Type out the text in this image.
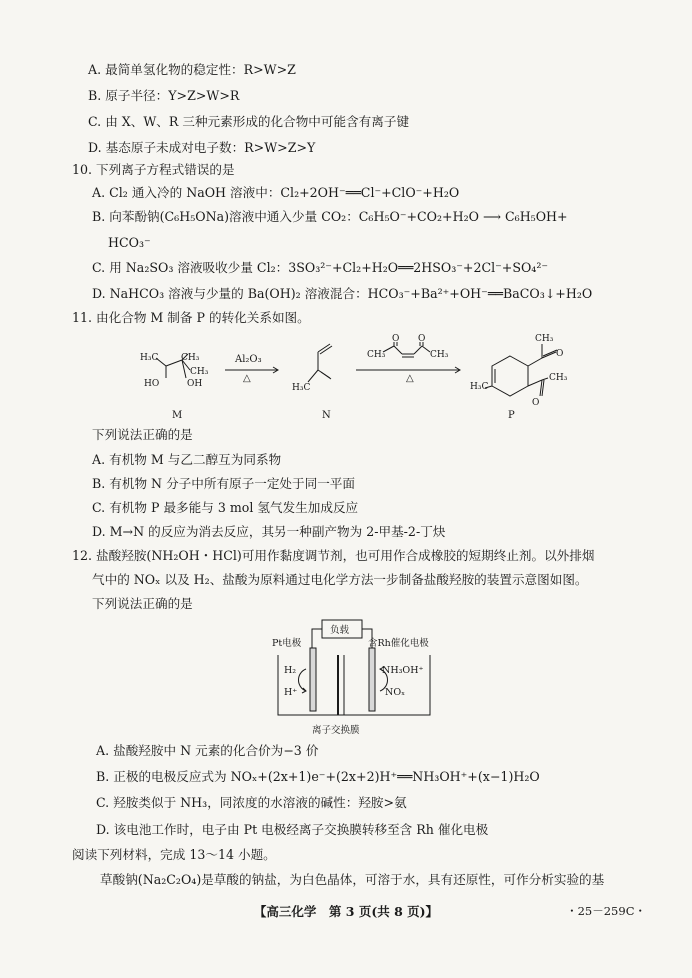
A. 最简单氢化物的稳定性：R>W>Z
B. 原子半径：Y>Z>W>R
C. 由 X、W、R 三种元素形成的化合物中可能含有离子键
D. 基态原子未成对电子数：R>W>Z>Y
10. 下列离子方程式错误的是
A. Cl₂ 通入冷的 NaOH 溶液中：Cl₂+2OH⁻══Cl⁻+ClO⁻+H₂O
B. 向苯酚钠(C₆H₅ONa)溶液中通入少量 CO₂：C₆H₅O⁻+CO₂+H₂O ⟶ C₆H₅OH+
HCO₃⁻
C. 用 Na₂SO₃ 溶液吸收少量 Cl₂：3SO₃²⁻+Cl₂+H₂O══2HSO₃⁻+2Cl⁻+SO₄²⁻
D. NaHCO₃ 溶液与少量的 Ba(OH)₂ 溶液混合：HCO₃⁻+Ba²⁺+OH⁻══BaCO₃↓+H₂O
11. 由化合物 M 制备 P 的转化关系如图。
H₃C	CH₃
CH₃
HO	OH	H₃C
CH₃	CH₃
O O	CH₃
O
CH₃
O
H₃C
Al₂O₃
△	△
M	N	P
下列说法正确的是
A. 有机物 M 与乙二醇互为同系物
B. 有机物 N 分子中所有原子一定处于同一平面
C. 有机物 P 最多能与 3 mol 氢气发生加成反应
D. M→N 的反应为消去反应，其另一种副产物为 2-甲基-2-丁炔
12. 盐酸羟胺(NH₂OH・HCl)可用作黏度调节剂，也可用作合成橡胶的短期终止剂。以外排烟
气中的 NOₓ 以及 H₂、盐酸为原料通过电化学方法一步制备盐酸羟胺的装置示意图如图。
下列说法正确的是
负载
Pt电极	含Rh催化电极
H₂
H⁺
NH₃OH⁺
NOₓ
离子交换膜
A. 盐酸羟胺中 N 元素的化合价为−3 价
B. 正极的电极反应式为 NOₓ+(2x+1)e⁻+(2x+2)H⁺══NH₃OH⁺+(x−1)H₂O
C. 羟胺类似于 NH₃，同浓度的水溶液的碱性：羟胺>氨
D. 该电池工作时，电子由 Pt 电极经离子交换膜转移至含 Rh 催化电极
阅读下列材料，完成 13～14 小题。
草酸钠(Na₂C₂O₄)是草酸的钠盐，为白色晶体，可溶于水，具有还原性，可作分析实验的基
【高三化学　第 3 页(共 8 页)】	・25－259C・
